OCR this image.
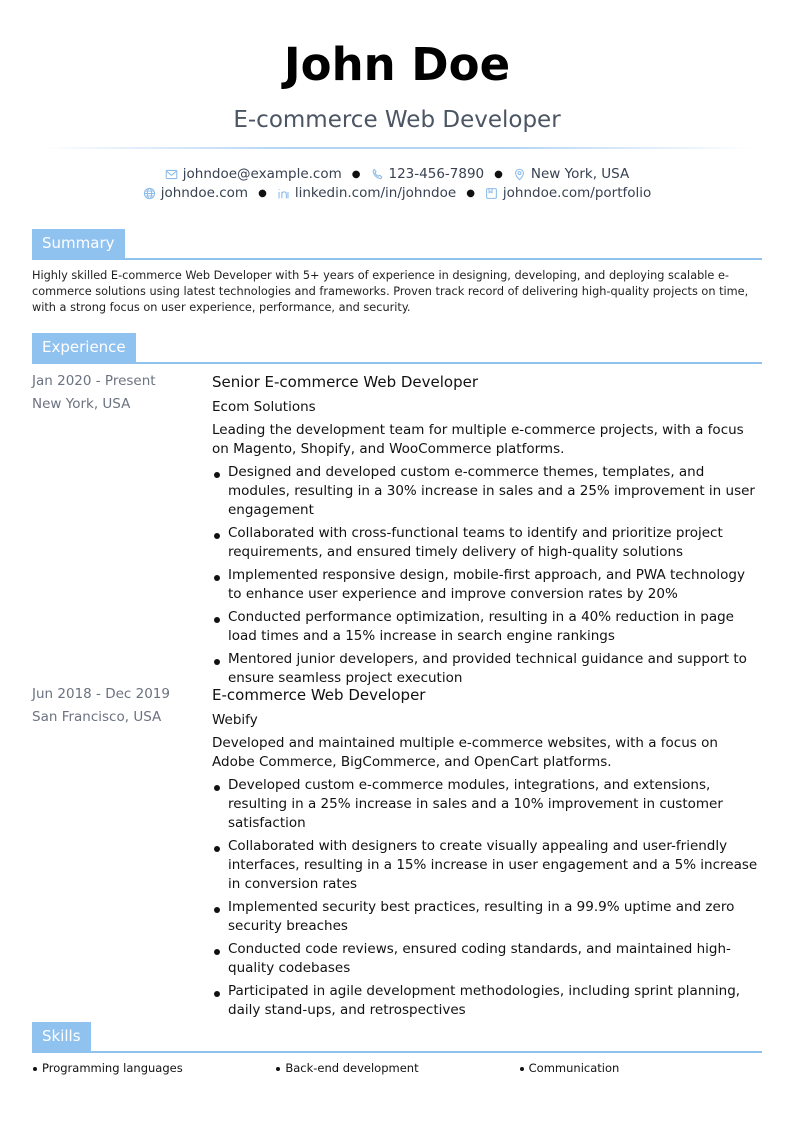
John Doe
E-commerce Web Developer
johndoe@example.com ● 123-456-7890 ● New York, USA
johndoe.com ● linkedin.com/in/johndoe ● johndoe.com/portfolio
Summary
Highly skilled E-commerce Web Developer with 5+ years of experience in designing, developing, and deploying scalable e-commerce solutions using latest technologies and frameworks. Proven track record of delivering high-quality projects on time, with a strong focus on user experience, performance, and security.
Experience
Jan 2020 - Present
New York, USA
Senior E-commerce Web Developer
Ecom Solutions
Leading the development team for multiple e-commerce projects, with a focus on Magento, Shopify, and WooCommerce platforms.
Designed and developed custom e-commerce themes, templates, and modules, resulting in a 30% increase in sales and a 25% improvement in user engagement
Collaborated with cross-functional teams to identify and prioritize project requirements, and ensured timely delivery of high-quality solutions
Implemented responsive design, mobile-first approach, and PWA technology to enhance user experience and improve conversion rates by 20%
Conducted performance optimization, resulting in a 40% reduction in page load times and a 15% increase in search engine rankings
Mentored junior developers, and provided technical guidance and support to ensure seamless project execution
Jun 2018 - Dec 2019
San Francisco, USA
E-commerce Web Developer
Webify
Developed and maintained multiple e-commerce websites, with a focus on Adobe Commerce, BigCommerce, and OpenCart platforms.
Developed custom e-commerce modules, integrations, and extensions, resulting in a 25% increase in sales and a 10% improvement in customer satisfaction
Collaborated with designers to create visually appealing and user-friendly interfaces, resulting in a 15% increase in user engagement and a 5% increase in conversion rates
Implemented security best practices, resulting in a 99.9% uptime and zero security breaches
Conducted code reviews, ensured coding standards, and maintained high-quality codebases
Participated in agile development methodologies, including sprint planning, daily stand-ups, and retrospectives
Skills
Programming languages	Back-end development	Communication
